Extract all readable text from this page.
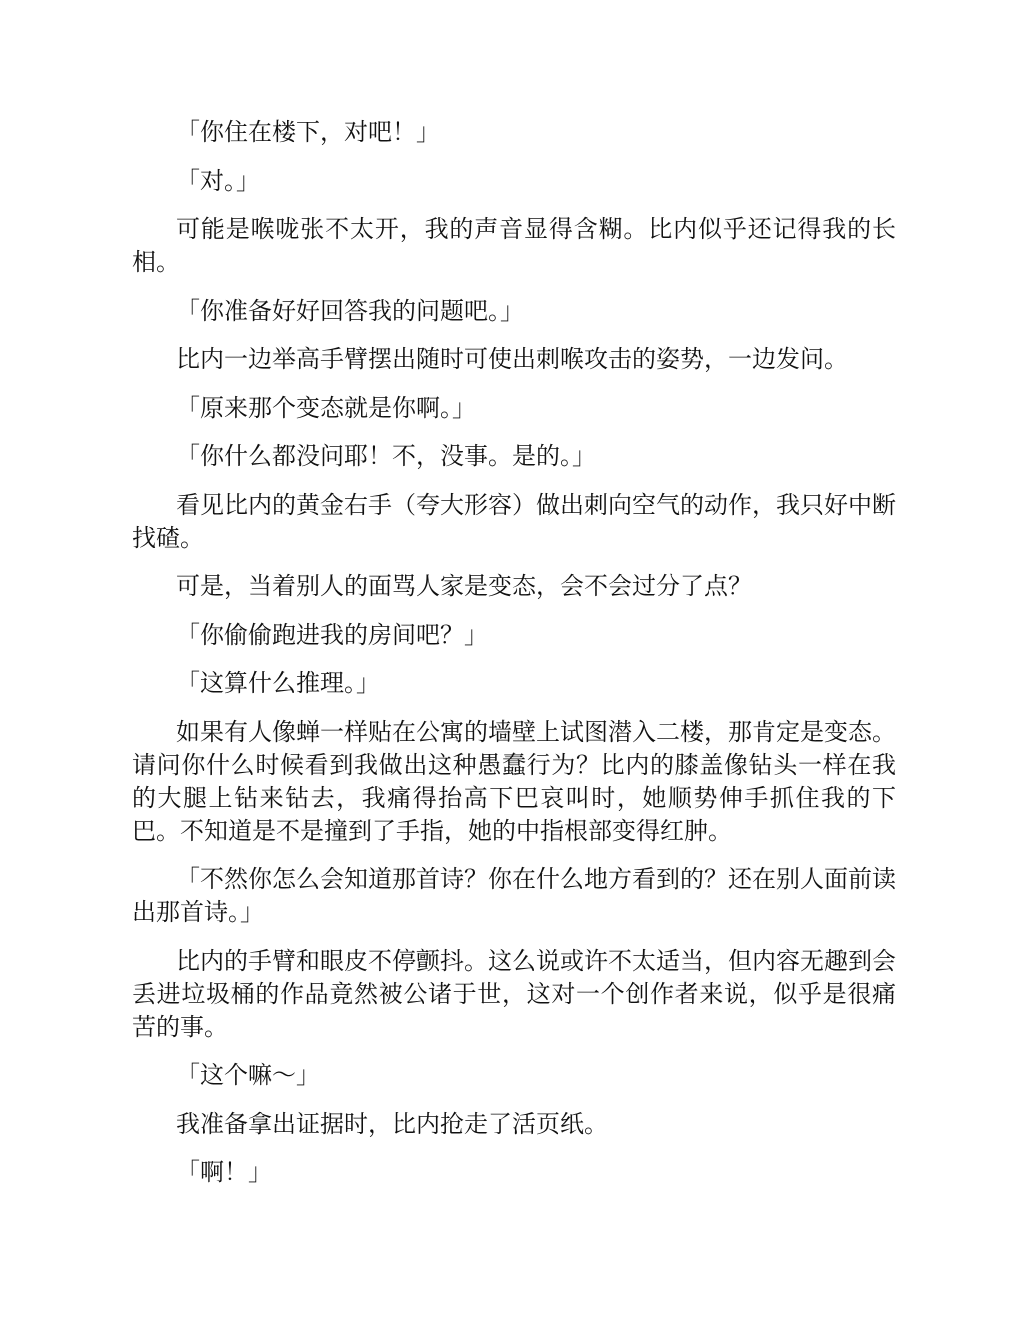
「你住在楼下，对吧！」

「对。」

可能是喉咙张不太开，我的声音显得含糊。比内似乎还记得我的长相。

「你准备好好回答我的问题吧。」

比内一边举高手臂摆出随时可使出刺喉攻击的姿势，一边发问。

「原来那个变态就是你啊。」

「你什么都没问耶！不，没事。是的。」

看见比内的黄金右手（夸大形容）做出刺向空气的动作，我只好中断找碴。

可是，当着别人的面骂人家是变态，会不会过分了点？

「你偷偷跑进我的房间吧？」

「这算什么推理。」

如果有人像蝉一样贴在公寓的墙壁上试图潜入二楼，那肯定是变态。请问你什么时候看到我做出这种愚蠢行为？比内的膝盖像钻头一样在我的大腿上钻来钻去，我痛得抬高下巴哀叫时，她顺势伸手抓住我的下巴。不知道是不是撞到了手指，她的中指根部变得红肿。

「不然你怎么会知道那首诗？你在什么地方看到的？还在别人面前读出那首诗。」

比内的手臂和眼皮不停颤抖。这么说或许不太适当，但内容无趣到会丢进垃圾桶的作品竟然被公诸于世，这对一个创作者来说，似乎是很痛苦的事。

「这个嘛～」

我准备拿出证据时，比内抢走了活页纸。

「啊！」
